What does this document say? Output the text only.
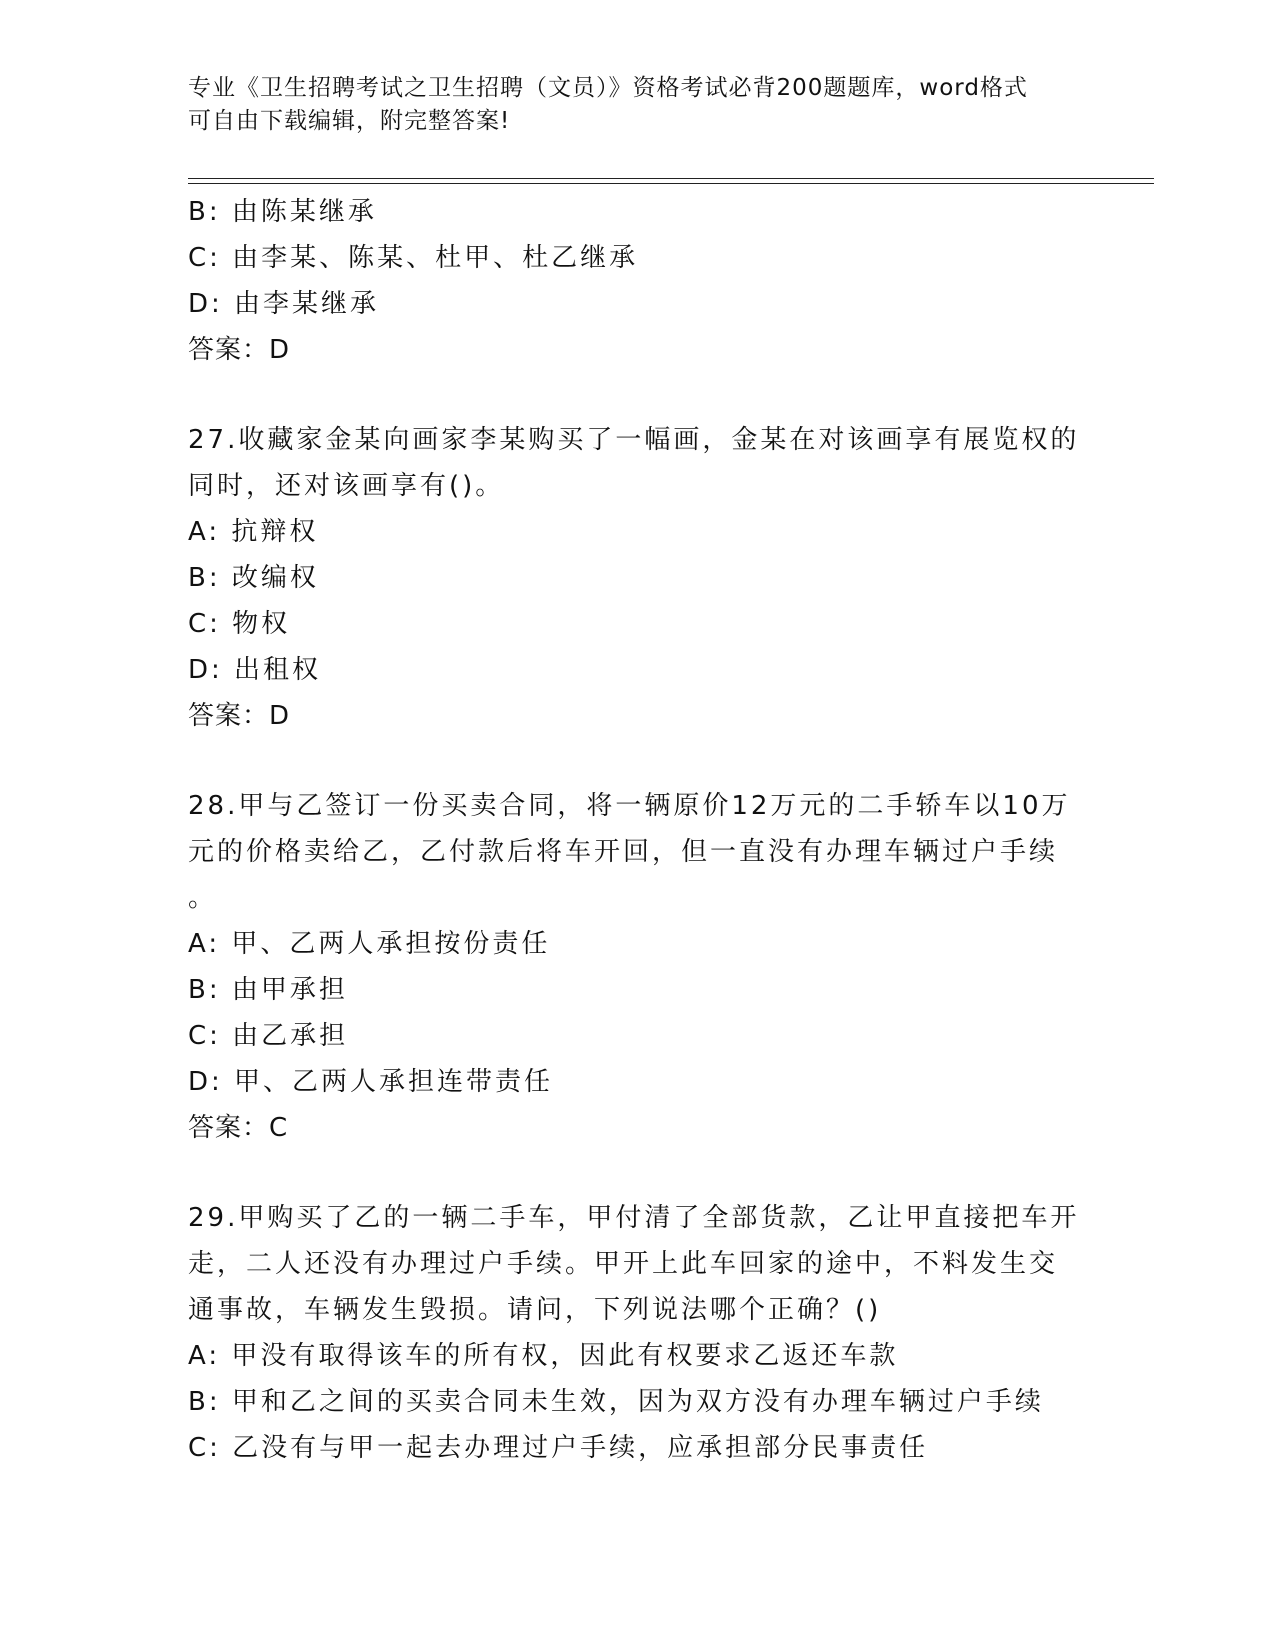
专业《卫生招聘考试之卫生招聘（文员）》资格考试必背200题题库，word格式
可自由下载编辑，附完整答案!
B: 由陈某继承
C: 由李某、陈某、杜甲、杜乙继承
D: 由李某继承
答案：D
27.收藏家金某向画家李某购买了一幅画，金某在对该画享有展览权的
同时，还对该画享有()。
A: 抗辩权
B: 改编权
C: 物权
D: 出租权
答案：D
28.甲与乙签订一份买卖合同，将一辆原价12万元的二手轿车以10万
元的价格卖给乙，乙付款后将车开回，但一直没有办理车辆过户手续
。
A: 甲、乙两人承担按份责任
B: 由甲承担
C: 由乙承担
D: 甲、乙两人承担连带责任
答案：C
29.甲购买了乙的一辆二手车，甲付清了全部货款，乙让甲直接把车开
走，二人还没有办理过户手续。甲开上此车回家的途中，不料发生交
通事故，车辆发生毁损。请问，下列说法哪个正确？()
A: 甲没有取得该车的所有权，因此有权要求乙返还车款
B: 甲和乙之间的买卖合同未生效，因为双方没有办理车辆过户手续
C: 乙没有与甲一起去办理过户手续，应承担部分民事责任
